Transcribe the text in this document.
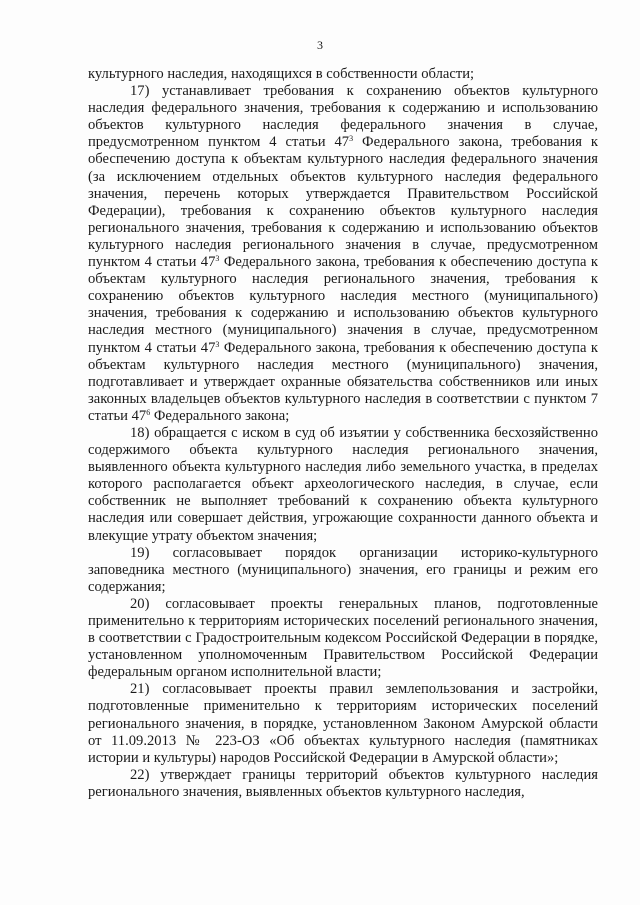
3

культурного наследия, находящихся в собственности области;

17) устанавливает требования к сохранению объектов культурного наследия федерального значения, требования к содержанию и использованию объектов культурного наследия федерального значения в случае, предусмотренном пунктом 4 статьи $47^3$ Федерального закона, требования к обеспечению доступа к объектам культурного наследия федерального значения (за исключением отдельных объектов культурного наследия федерального значения, перечень которых утверждается Правительством Российской Федерации), требования к сохранению объектов культурного наследия регионального значения, требования к содержанию и использованию объектов культурного наследия регионального значения в случае, предусмотренном пунктом 4 статьи $47^3$ Федерального закона, требования к обеспечению доступа к объектам культурного наследия регионального значения, требования к сохранению объектов культурного наследия местного (муниципального) значения, требования к содержанию и использованию объектов культурного наследия местного (муниципального) значения в случае, предусмотренном пунктом 4 статьи $47^3$ Федерального закона, требования к обеспечению доступа к объектам культурного наследия местного (муниципального) значения, подготавливает и утверждает охранные обязательства собственников или иных законных владельцев объектов культурного наследия в соответствии с пунктом 7 статьи $47^6$ Федерального закона;

18) обращается с иском в суд об изъятии у собственника бесхозяйственно содержимого объекта культурного наследия регионального значения, выявленного объекта культурного наследия либо земельного участка, в пределах которого располагается объект археологического наследия, в случае, если собственник не выполняет требований к сохранению объекта культурного наследия или совершает действия, угрожающие сохранности данного объекта и влекущие утрату объектом значения;

19) согласовывает порядок организации историко-культурного заповедника местного (муниципального) значения, его границы и режим его содержания;

20) согласовывает проекты генеральных планов, подготовленные применительно к территориям исторических поселений регионального значения, в соответствии с Градостроительным кодексом Российской Федерации в порядке, установленном уполномоченным Правительством Российской Федерации федеральным органом исполнительной власти;

21) согласовывает проекты правил землепользования и застройки, подготовленные применительно к территориям исторических поселений регионального значения, в порядке, установленном Законом Амурской области от 11.09.2013 № 223-ОЗ «Об объектах культурного наследия (памятниках истории и культуры) народов Российской Федерации в Амурской области»;

22) утверждает границы территорий объектов культурного наследия регионального значения, выявленных объектов культурного наследия,
